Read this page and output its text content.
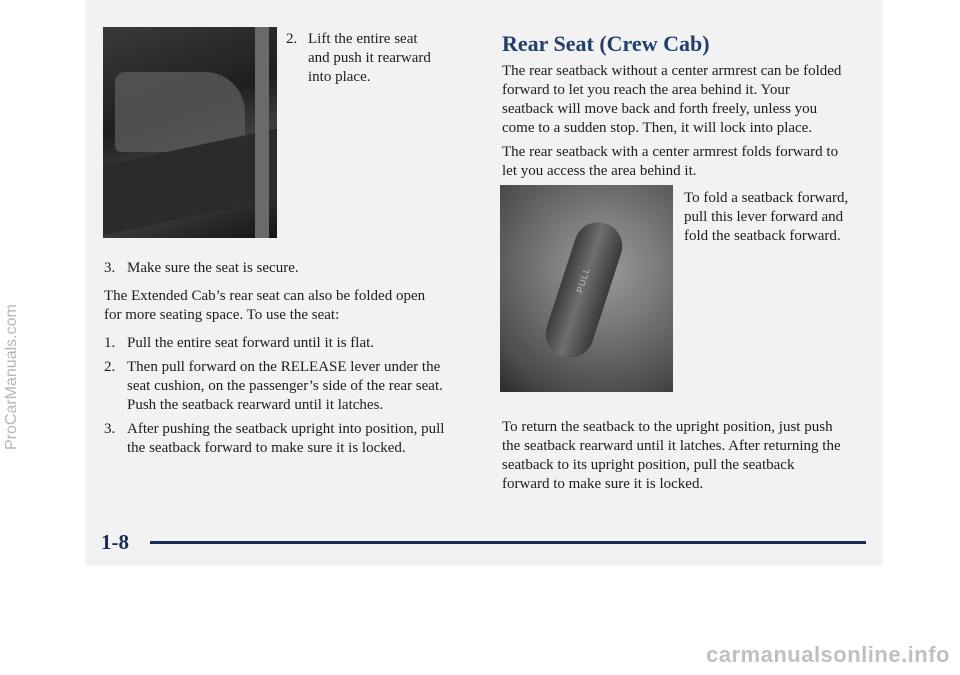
2. Lift the entire seat

and push it rearward

into place.

3. Make sure the seat is secure.

The Extended Cab’s rear seat can also be folded open

for more seating space. To use the seat:

1. Pull the entire seat forward until it is flat.

2. Then pull forward on the RELEASE lever under the

seat cushion, on the passenger’s side of the rear seat.

Push the seatback rearward until it latches.

3. After pushing the seatback upright into position, pull

the seatback forward to make sure it is locked.

Rear Seat (Crew Cab)

The rear seatback without a center armrest can be folded

forward to let you reach the area behind it. Your

seatback will move back and forth freely, unless you

come to a sudden stop. Then, it will lock into place.

The rear seatback with a center armrest folds forward to

let you access the area behind it.

PULL

To fold a seatback forward,

pull this lever forward and

fold the seatback forward.

To return the seatback to the upright position, just push

the seatback rearward until it latches. After returning the

seatback to its upright position, pull the seatback

forward to make sure it is locked.

1-8
ProCarManuals.com
carmanualsonline.info
